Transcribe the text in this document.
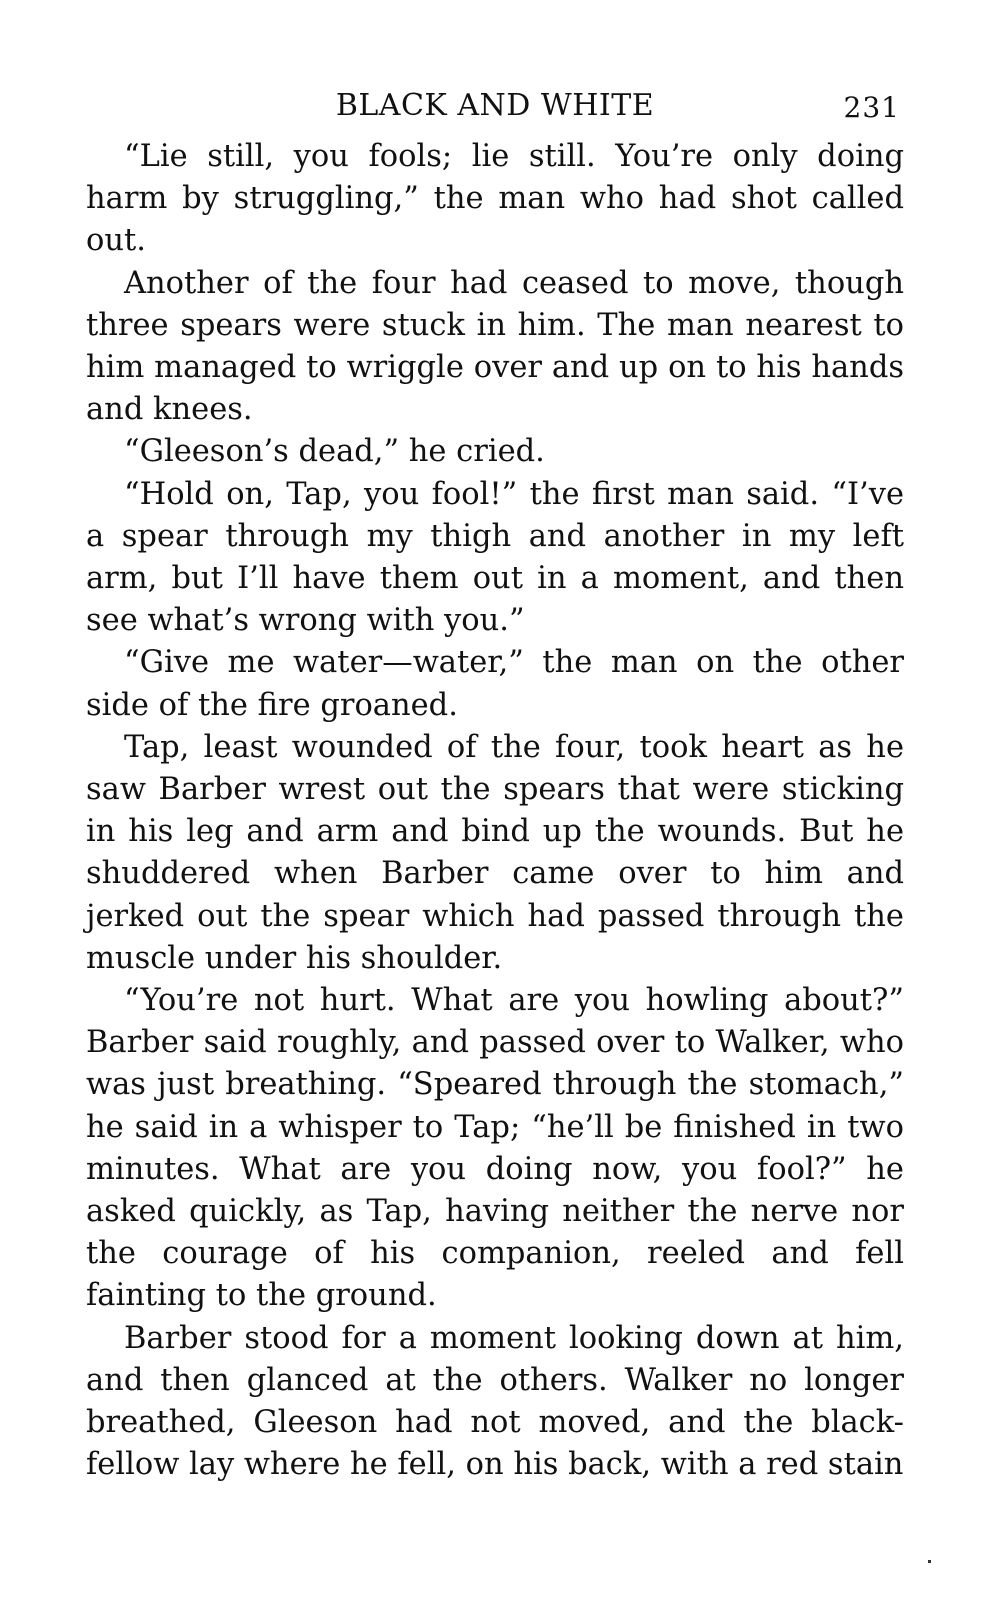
BLACK AND WHITE	231

“Lie still, you fools; lie still. You’re only doing harm by struggling,” the man who had shot called out.

Another of the four had ceased to move, though three spears were stuck in him. The man nearest to him managed to wriggle over and up on to his hands and knees.

“Gleeson’s dead,” he cried.

“Hold on, Tap, you fool!” the first man said. “I’ve a spear through my thigh and another in my left arm, but I’ll have them out in a moment, and then see what’s wrong with you.”

“Give me water—water,” the man on the other side of the fire groaned.

Tap, least wounded of the four, took heart as he saw Barber wrest out the spears that were sticking in his leg and arm and bind up the wounds. But he shuddered when Barber came over to him and jerked out the spear which had passed through the muscle under his shoulder.

“You’re not hurt. What are you howling about?” Barber said roughly, and passed over to Walker, who was just breathing. “Speared through the stomach,” he said in a whisper to Tap; “he’ll be finished in two minutes. What are you doing now, you fool?” he asked quickly, as Tap, having neither the nerve nor the courage of his companion, reeled and fell fainting to the ground.

Barber stood for a moment looking down at him, and then glanced at the others. Walker no longer breathed, Gleeson had not moved, and the black-fellow lay where he fell, on his back, with a red stain
